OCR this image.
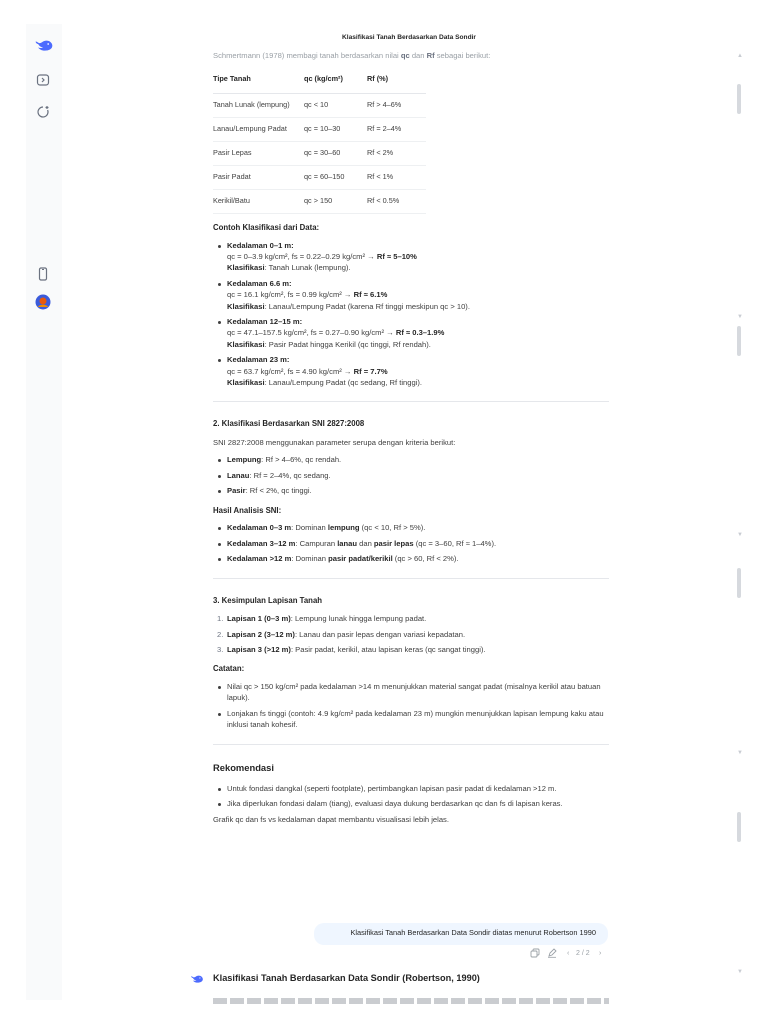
Klasifikasi Tanah Berdasarkan Data Sondir
▲
▼
▼
▼
▼

Schmertmann (1978) membagi tanah berdasarkan nilai qc dan Rf sebagai berikut:

Tipe Tanah	qc (kg/cm²)	Rf (%)
Tanah Lunak (lempung)	qc < 10	Rf > 4–6%
Lanau/Lempung Padat	qc = 10–30	Rf = 2–4%
Pasir Lepas	qc = 30–60	Rf < 2%
Pasir Padat	qc = 60–150	Rf < 1%
Kerikil/Batu	qc > 150	Rf < 0.5%
Contoh Klasifikasi dari Data:
Kedalaman 0–1 m:
qc = 0–3.9 kg/cm², fs = 0.22–0.29 kg/cm² → Rf ≈ 5–10%
Klasifikasi: Tanah Lunak (lempung).
Kedalaman 6.6 m:
qc = 16.1 kg/cm², fs = 0.99 kg/cm² → Rf ≈ 6.1%
Klasifikasi: Lanau/Lempung Padat (karena Rf tinggi meskipun qc > 10).
Kedalaman 12–15 m:
qc = 47.1–157.5 kg/cm², fs = 0.27–0.90 kg/cm² → Rf ≈ 0.3–1.9%
Klasifikasi: Pasir Padat hingga Kerikil (qc tinggi, Rf rendah).
Kedalaman 23 m:
qc = 63.7 kg/cm², fs = 4.90 kg/cm² → Rf = 7.7%
Klasifikasi: Lanau/Lempung Padat (qc sedang, Rf tinggi).
2. Klasifikasi Berdasarkan SNI 2827:2008

SNI 2827:2008 menggunakan parameter serupa dengan kriteria berikut:

Lempung: Rf > 4–6%, qc rendah.
Lanau: Rf = 2–4%, qc sedang.
Pasir: Rf < 2%, qc tinggi.
Hasil Analisis SNI:
Kedalaman 0–3 m: Dominan lempung (qc < 10, Rf > 5%).
Kedalaman 3–12 m: Campuran lanau dan pasir lepas (qc = 3–60, Rf ≈ 1–4%).
Kedalaman >12 m: Dominan pasir padat/kerikil (qc > 60, Rf < 2%).
3. Kesimpulan Lapisan Tanah
1. Lapisan 1 (0–3 m): Lempung lunak hingga lempung padat.
2. Lapisan 2 (3–12 m): Lanau dan pasir lepas dengan variasi kepadatan.
3. Lapisan 3 (>12 m): Pasir padat, kerikil, atau lapisan keras (qc sangat tinggi).
Catatan:
Nilai qc > 150 kg/cm² pada kedalaman >14 m menunjukkan material sangat padat (misalnya kerikil atau batuan lapuk).
Lonjakan fs tinggi (contoh: 4.9 kg/cm² pada kedalaman 23 m) mungkin menunjukkan lapisan lempung kaku atau inklusi tanah kohesif.
Rekomendasi
Untuk fondasi dangkal (seperti footplate), pertimbangkan lapisan pasir padat di kedalaman >12 m.
Jika diperlukan fondasi dalam (tiang), evaluasi daya dukung berdasarkan qc dan fs di lapisan keras.

Grafik qc dan fs vs kedalaman dapat membantu visualisasi lebih jelas.

Klasifikasi Tanah Berdasarkan Data Sondir diatas menurut Robertson 1990
‹ 2 / 2 ›
Klasifikasi Tanah Berdasarkan Data Sondir (Robertson, 1990)
